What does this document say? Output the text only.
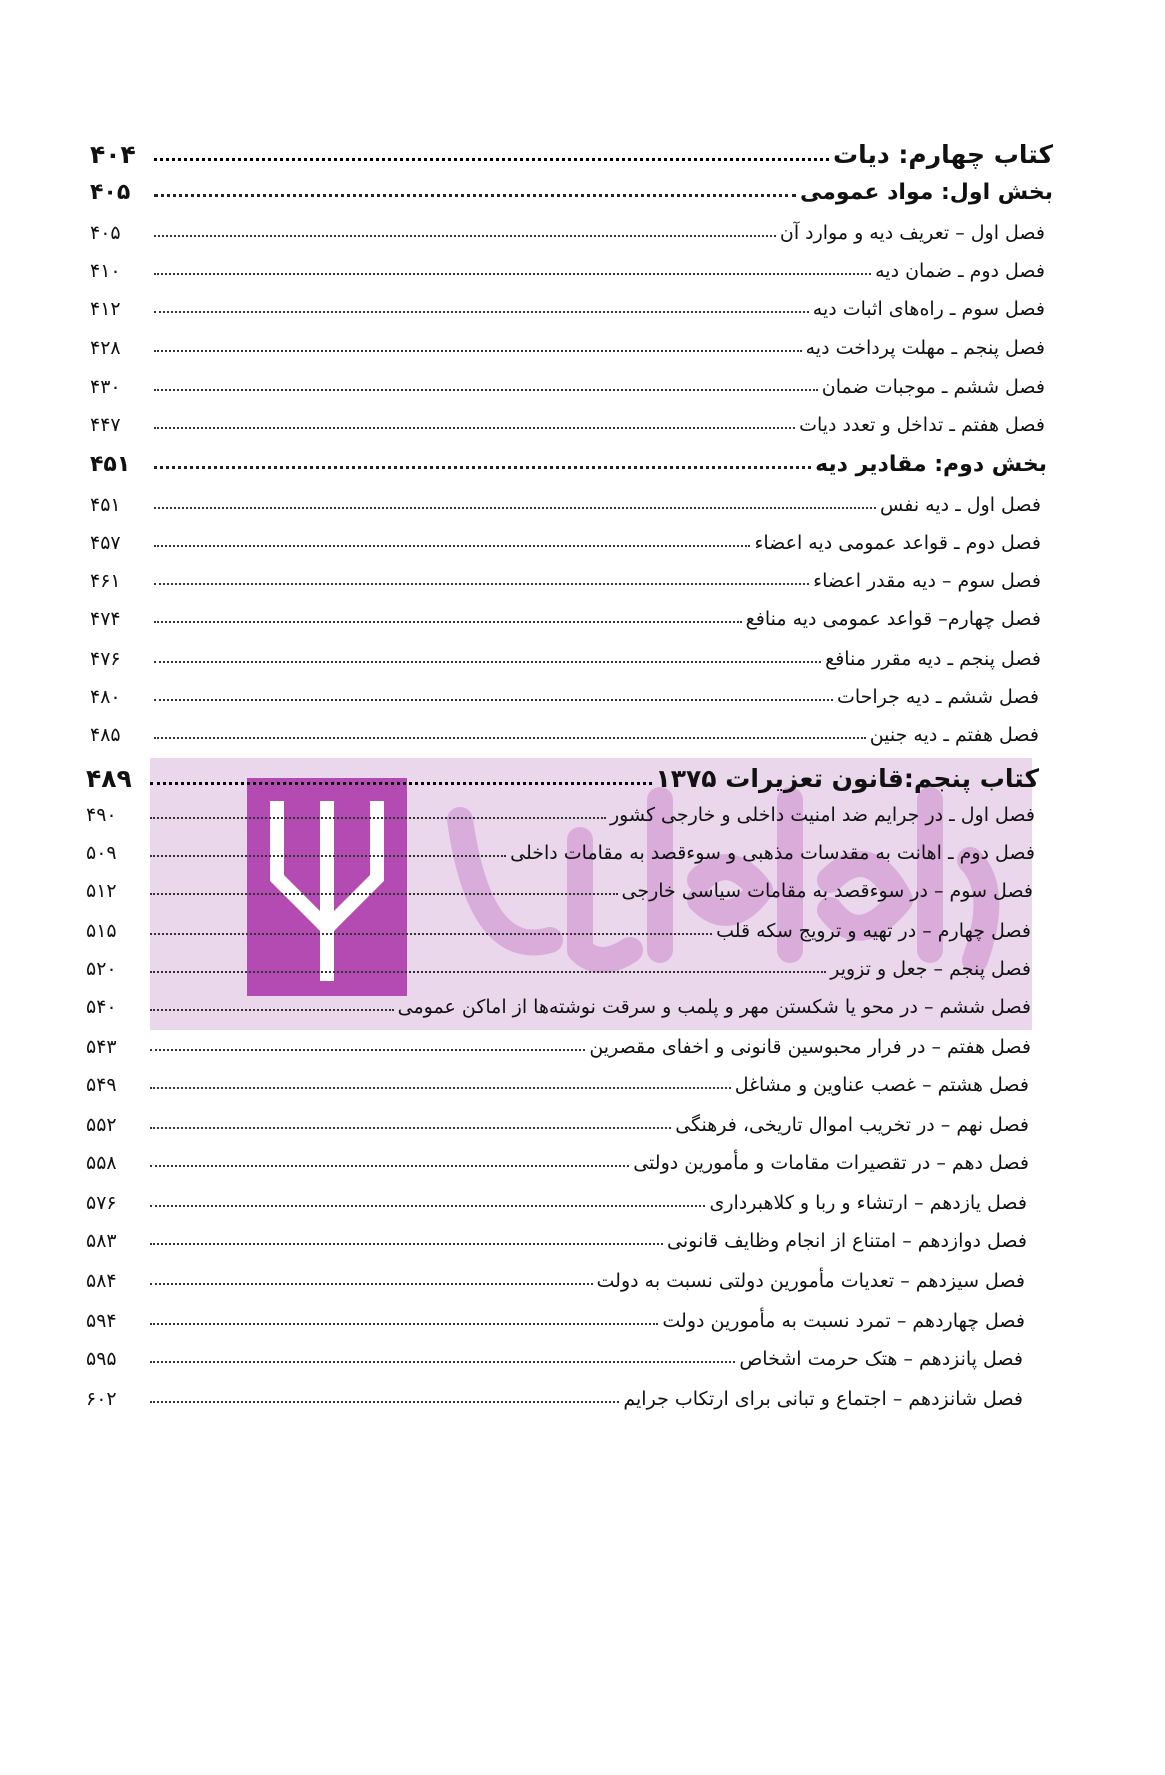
کتاب چهارم: دیات
۴۰۴
بخش اول: مواد عمومی
۴۰۵
فصل اول – تعریف دیه و موارد آن
۴۰۵
فصل دوم ـ ضمان دیه
۴۱۰
فصل سوم ـ راه‌های اثبات دیه
۴۱۲
فصل پنجم ـ مهلت پرداخت دیه
۴۲۸
فصل ششم ـ موجبات ضمان
۴۳۰
فصل هفتم ـ تداخل و تعدد دیات
۴۴۷
بخش دوم: مقادیر دیه
۴۵۱
فصل اول ـ دیه نفس
۴۵۱
فصل دوم ـ قواعد عمومی دیه اعضاء
۴۵۷
فصل سوم – دیه مقدر اعضاء
۴۶۱
فصل چهارم– قواعد عمومی دیه منافع
۴۷۴
فصل پنجم ـ دیه مقرر منافع
۴۷۶
فصل ششم ـ دیه جراحات
۴۸۰
فصل هفتم ـ دیه جنین
۴۸۵
کتاب پنجم:قانون تعزیرات ۱۳۷۵
۴۸۹
فصل اول ـ در جرایم ضد امنیت داخلی و خارجی کشور
۴۹۰
فصل دوم ـ اهانت به مقدسات مذهبی و سوءقصد به مقامات داخلی
۵۰۹
فصل سوم – در سوءقصد به مقامات سیاسی خارجی
۵۱۲
فصل چهارم – در تهیه و ترویج سکه قلب
۵۱۵
فصل پنجم – جعل و تزویر
۵۲۰
فصل ششم – در محو یا شکستن مهر و پلمب و سرقت نوشته‌ها از اماکن عمومی
۵۴۰
فصل هفتم – در فرار محبوسین قانونی و اخفای مقصرین
۵۴۳
فصل هشتم – غصب عناوین و مشاغل
۵۴۹
فصل نهم – در تخریب اموال تاریخی، فرهنگی
۵۵۲
فصل دهم – در تقصیرات مقامات و مأمورین دولتی
۵۵۸
فصل یازدهم – ارتشاء و ربا و کلاهبرداری
۵۷۶
فصل دوازدهم – امتناع از انجام وظایف قانونی
۵۸۳
فصل سیزدهم – تعدیات مأمورین دولتی نسبت به دولت
۵۸۴
فصل چهاردهم – تمرد نسبت به مأمورین دولت
۵۹۴
فصل پانزدهم – هتک حرمت اشخاص
۵۹۵
فصل شانزدهم – اجتماع و تبانی برای ارتکاب جرایم
۶۰۲
